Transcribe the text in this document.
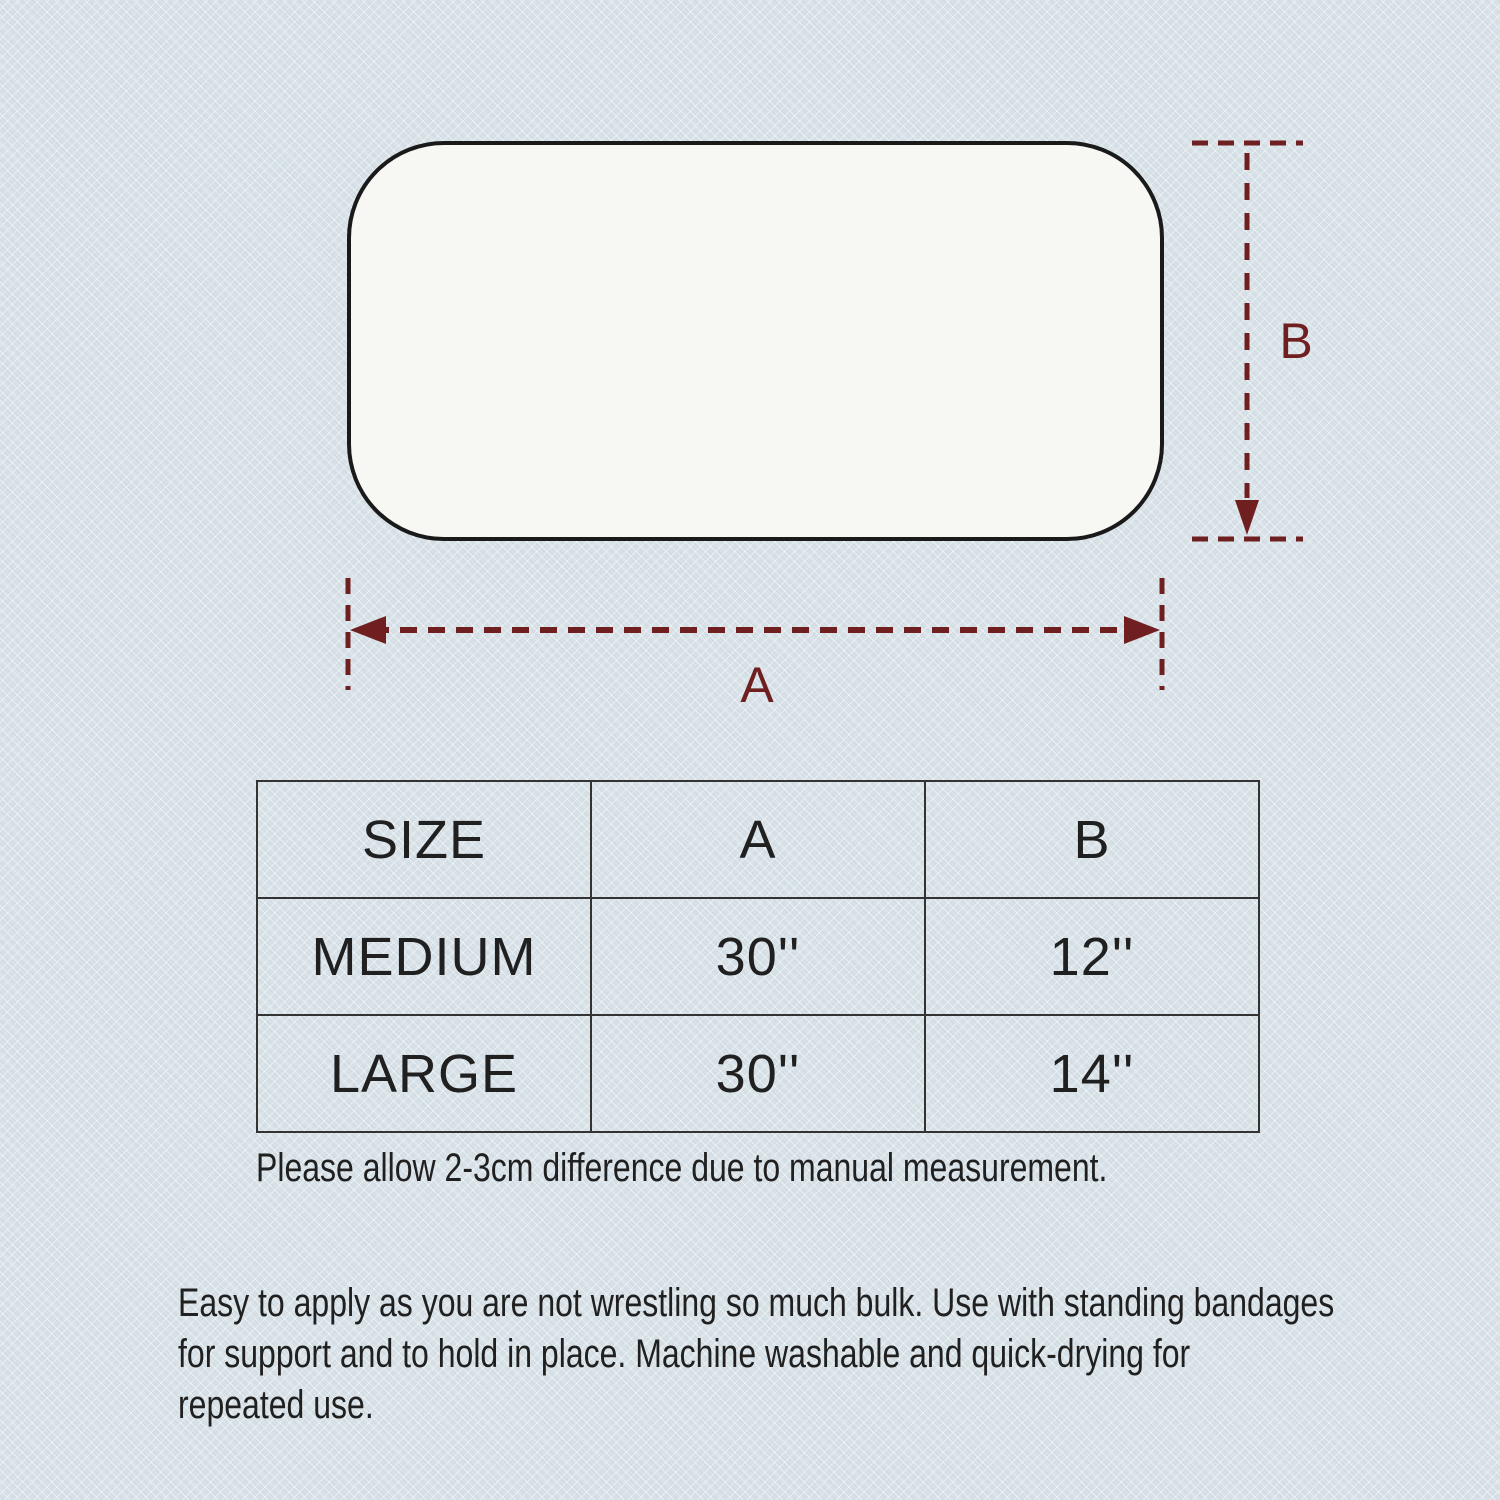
B
A
SIZE	A	B
MEDIUM	30''	12''
LARGE	30''	14''
Please allow 2-3cm difference due to manual measurement.
Easy to apply as you are not wrestling so much bulk. Use with standing bandages
for support and to hold in place. Machine washable and quick-drying for
repeated use.
